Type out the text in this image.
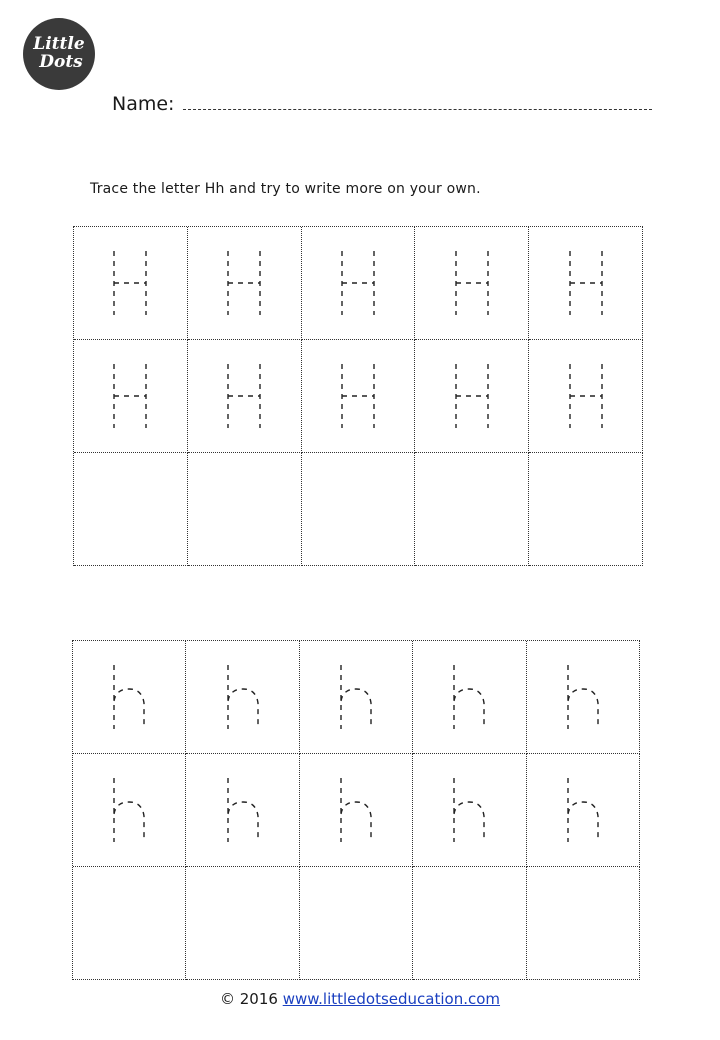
Little
Dots
Name:
Trace the letter Hh and try to write more on your own.
© 2016 www.littledotseducation.com
